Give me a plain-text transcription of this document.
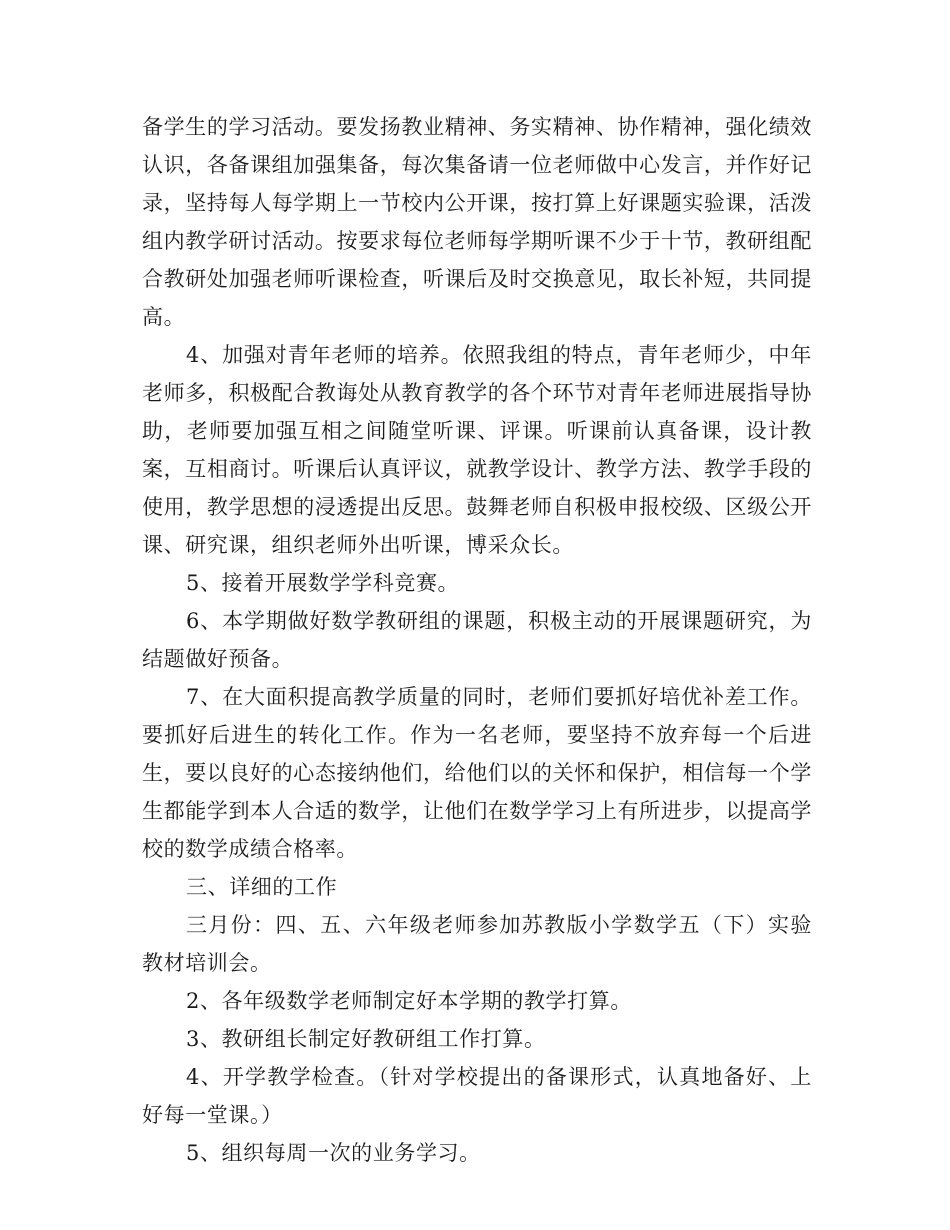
备学生的学习活动。要发扬教业精神、务实精神、协作精神，强化绩效认识，各备课组加强集备，每次集备请一位老师做中心发言，并作好记录，坚持每人每学期上一节校内公开课，按打算上好课题实验课，活泼组内教学研讨活动。按要求每位老师每学期听课不少于十节，教研组配合教研处加强老师听课检查，听课后及时交换意见，取长补短，共同提高。

4、加强对青年老师的培养。依照我组的特点，青年老师少，中年老师多，积极配合教诲处从教育教学的各个环节对青年老师进展指导协助，老师要加强互相之间随堂听课、评课。听课前认真备课，设计教案，互相商讨。听课后认真评议，就教学设计、教学方法、教学手段的使用，教学思想的浸透提出反思。鼓舞老师自积极申报校级、区级公开课、研究课，组织老师外出听课，博采众长。

5、接着开展数学学科竞赛。

6、本学期做好数学教研组的课题，积极主动的开展课题研究，为结题做好预备。

7、在大面积提高教学质量的同时，老师们要抓好培优补差工作。要抓好后进生的转化工作。作为一名老师，要坚持不放弃每一个后进生，要以良好的心态接纳他们，给他们以的关怀和保护，相信每一个学生都能学到本人合适的数学，让他们在数学学习上有所进步，以提高学校的数学成绩合格率。

三、详细的工作

三月份：四、五、六年级老师参加苏教版小学数学五（下）实验教材培训会。

2、各年级数学老师制定好本学期的教学打算。

3、教研组长制定好教研组工作打算。

4、开学教学检查。（针对学校提出的备课形式，认真地备好、上好每一堂课。）

5、组织每周一次的业务学习。
